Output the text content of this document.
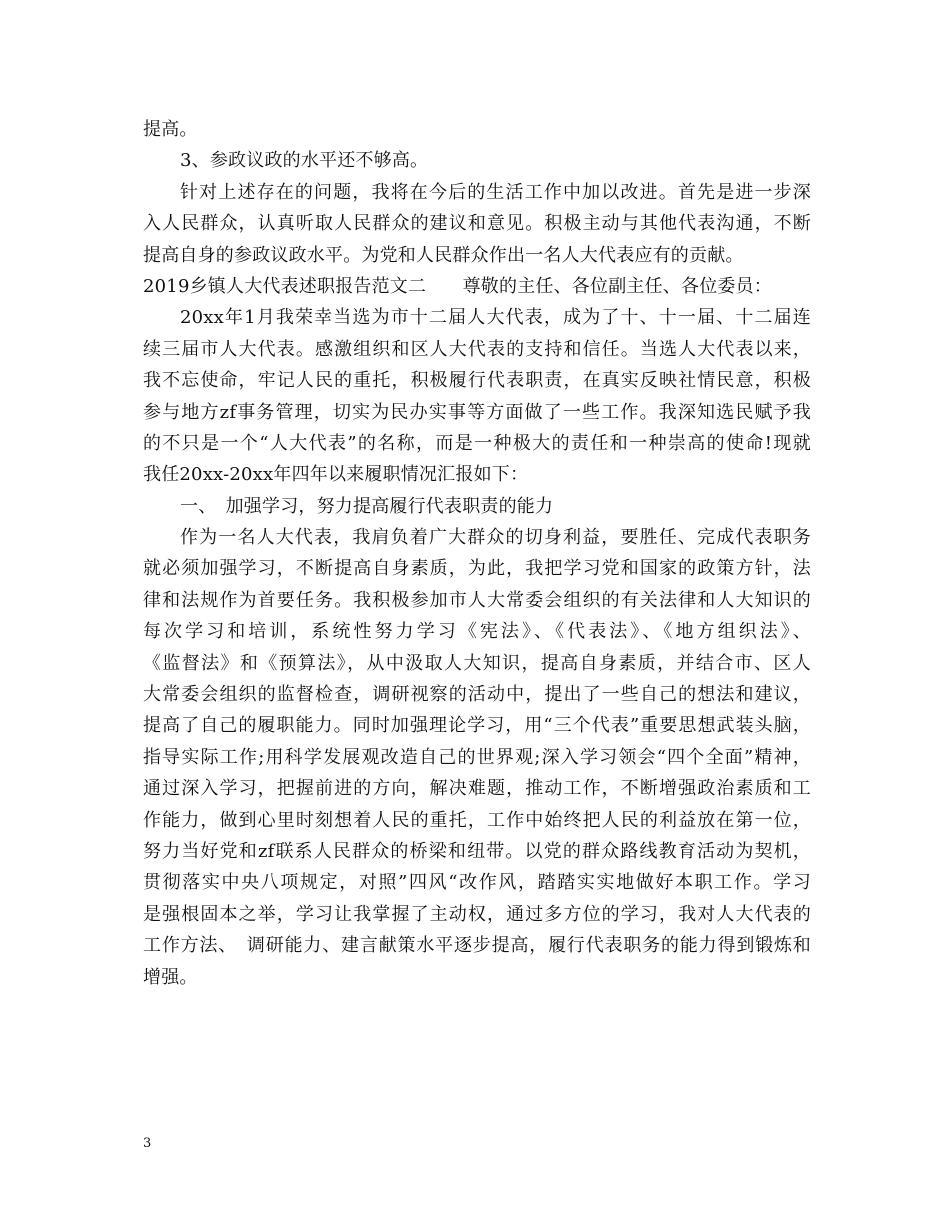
提高。
3、参政议政的水平还不够高。
针对上述存在的问题，我将在今后的生活工作中加以改进。首先是进一步深
入人民群众，认真听取人民群众的建议和意见。积极主动与其他代表沟通，不断
提高自身的参政议政水平。为党和人民群众作出一名人大代表应有的贡献。
2019乡镇人大代表述职报告范文二　　尊敬的主任、各位副主任、各位委员：
20xx年1月我荣幸当选为市十二届人大代表，成为了十、十一届、十二届连
续三届市人大代表。感激组织和区人大代表的支持和信任。当选人大代表以来，
我不忘使命，牢记人民的重托，积极履行代表职责，在真实反映社情民意，积极
参与地方zf事务管理，切实为民办实事等方面做了一些工作。我深知选民赋予我
的不只是一个“人大代表”的名称，而是一种极大的责任和一种崇高的使命!现就
我任20xx-20xx年四年以来履职情况汇报如下：
一、　加强学习，努力提高履行代表职责的能力
作为一名人大代表，我肩负着广大群众的切身利益，要胜任、完成代表职务
就必须加强学习，不断提高自身素质，为此，我把学习党和国家的政策方针，法
律和法规作为首要任务。我积极参加市人大常委会组织的有关法律和人大知识的
每次学习和培训，系统性努力学习《宪法》、《代表法》、《地方组织法》、
《监督法》和《预算法》，从中汲取人大知识，提高自身素质，并结合市、区人
大常委会组织的监督检查，调研视察的活动中，提出了一些自己的想法和建议，
提高了自己的履职能力。同时加强理论学习，用“三个代表”重要思想武装头脑，
指导实际工作;用科学发展观改造自己的世界观;深入学习领会“四个全面”精神，
通过深入学习，把握前进的方向，解决难题，推动工作，不断增强政治素质和工
作能力，做到心里时刻想着人民的重托，工作中始终把人民的利益放在第一位，
努力当好党和zf联系人民群众的桥梁和纽带。以党的群众路线教育活动为契机，
贯彻落实中央八项规定，对照”四风“改作风，踏踏实实地做好本职工作。学习
是强根固本之举，学习让我掌握了主动权，通过多方位的学习，我对人大代表的
工作方法、　调研能力、建言献策水平逐步提高，履行代表职务的能力得到锻炼和
增强。
3
